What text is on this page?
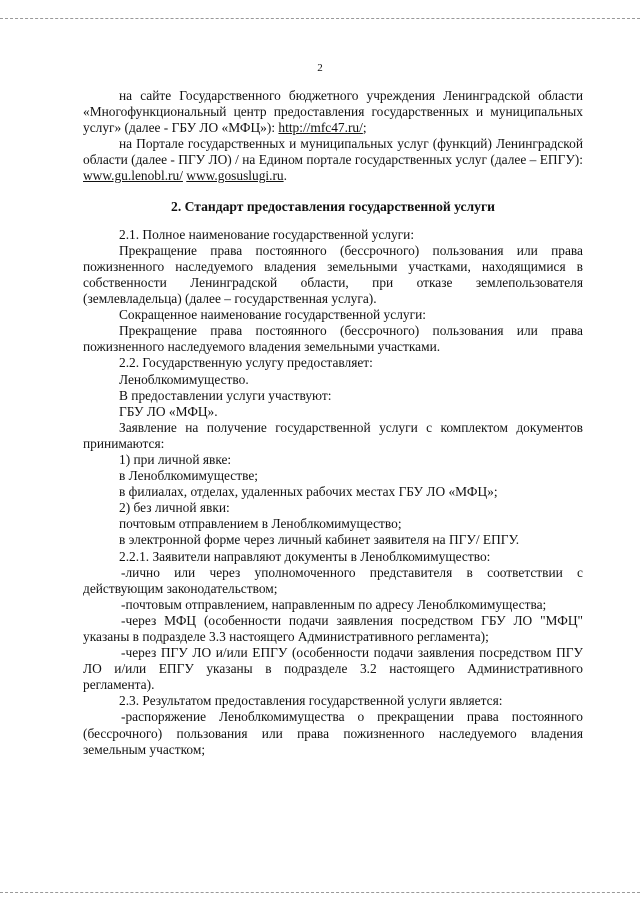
2

на сайте Государственного бюджетного учреждения Ленинградской области «Многофункциональный центр предоставления государственных и муниципальных услуг» (далее - ГБУ ЛО «МФЦ»): http://mfc47.ru/;

на Портале государственных и муниципальных услуг (функций) Ленинградской области (далее - ПГУ ЛО) / на Едином портале государственных услуг (далее – ЕПГУ): www.gu.lenobl.ru/ www.gosuslugi.ru.

2. Стандарт предоставления государственной услуги

2.1. Полное наименование государственной услуги:

Прекращение права постоянного (бессрочного) пользования или права пожизненного наследуемого владения земельными участками, находящимися в собственности Ленинградской области, при отказе землепользователя (землевладельца) (далее – государственная услуга).

Сокращенное наименование государственной услуги:

Прекращение права постоянного (бессрочного) пользования или права пожизненного наследуемого владения земельными участками.

2.2. Государственную услугу предоставляет:

Леноблкомимущество.

В предоставлении услуги участвуют:

ГБУ ЛО «МФЦ».

Заявление на получение государственной услуги с комплектом документов принимаются:

1) при личной явке:

в Леноблкомимуществе;

в филиалах, отделах, удаленных рабочих местах ГБУ ЛО «МФЦ»;

2) без личной явки:

почтовым отправлением в Леноблкомимущество;

в электронной форме через личный кабинет заявителя на ПГУ/ ЕПГУ.

2.2.1. Заявители направляют документы в Леноблкомимущество:

-лично или через уполномоченного представителя в соответствии с действующим законодательством;

-почтовым отправлением, направленным по адресу Леноблкомимущества;

-через МФЦ (особенности подачи заявления посредством ГБУ ЛО "МФЦ" указаны в подразделе 3.3 настоящего Административного регламента);

-через ПГУ ЛО и/или ЕПГУ (особенности подачи заявления посредством ПГУ ЛО и/или ЕПГУ указаны в подразделе 3.2 настоящего Административного регламента).

2.3. Результатом предоставления государственной услуги является:

-распоряжение Леноблкомимущества о прекращении права постоянного (бессрочного) пользования или права пожизненного наследуемого владения земельным участком;
